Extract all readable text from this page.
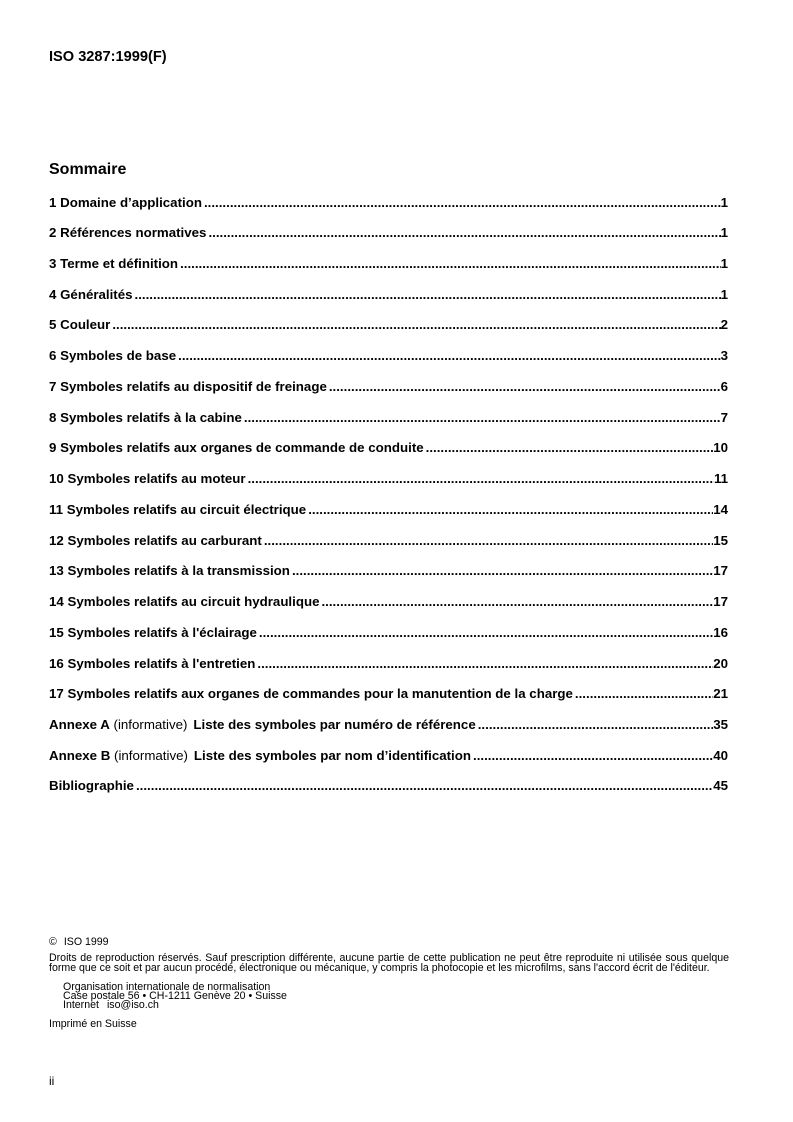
ISO 3287:1999(F)
Sommaire
1 Domaine d’application .....	1
2 Références normatives .....	1
3 Terme et définition .....	1
4 Généralités .....	1
5 Couleur .....	2
6 Symboles de base .....	3
7 Symboles relatifs au dispositif de freinage .....	6
8 Symboles relatifs à la cabine .....	7
9 Symboles relatifs aux organes de commande de conduite .....	10
10 Symboles relatifs au moteur .....	11
11 Symboles relatifs au circuit électrique .....	14
12 Symboles relatifs au carburant .....	15
13 Symboles relatifs à la transmission .....	17
14 Symboles relatifs au circuit hydraulique .....	17
15 Symboles relatifs à l'éclairage .....	16
16 Symboles relatifs à l'entretien .....	20
17 Symboles relatifs aux organes de commandes pour la manutention de la charge .....	21
Annexe A (informative) Liste des symboles par numéro de référence .....	35
Annexe B (informative) Liste des symboles par nom d’identification .....	40
Bibliographie .....	45
© ISO 1999
Droits de reproduction réservés. Sauf prescription différente, aucune partie de cette publication ne peut être reproduite ni utilisée sous quelque
forme que ce soit et par aucun procédé, électronique ou mécanique, y compris la photocopie et les microfilms, sans l'accord écrit de l'éditeur.
Organisation internationale de normalisation
Case postale 56 • CH-1211 Genève 20 • Suisse
Internet iso@iso.ch
Imprimé en Suisse
ii
